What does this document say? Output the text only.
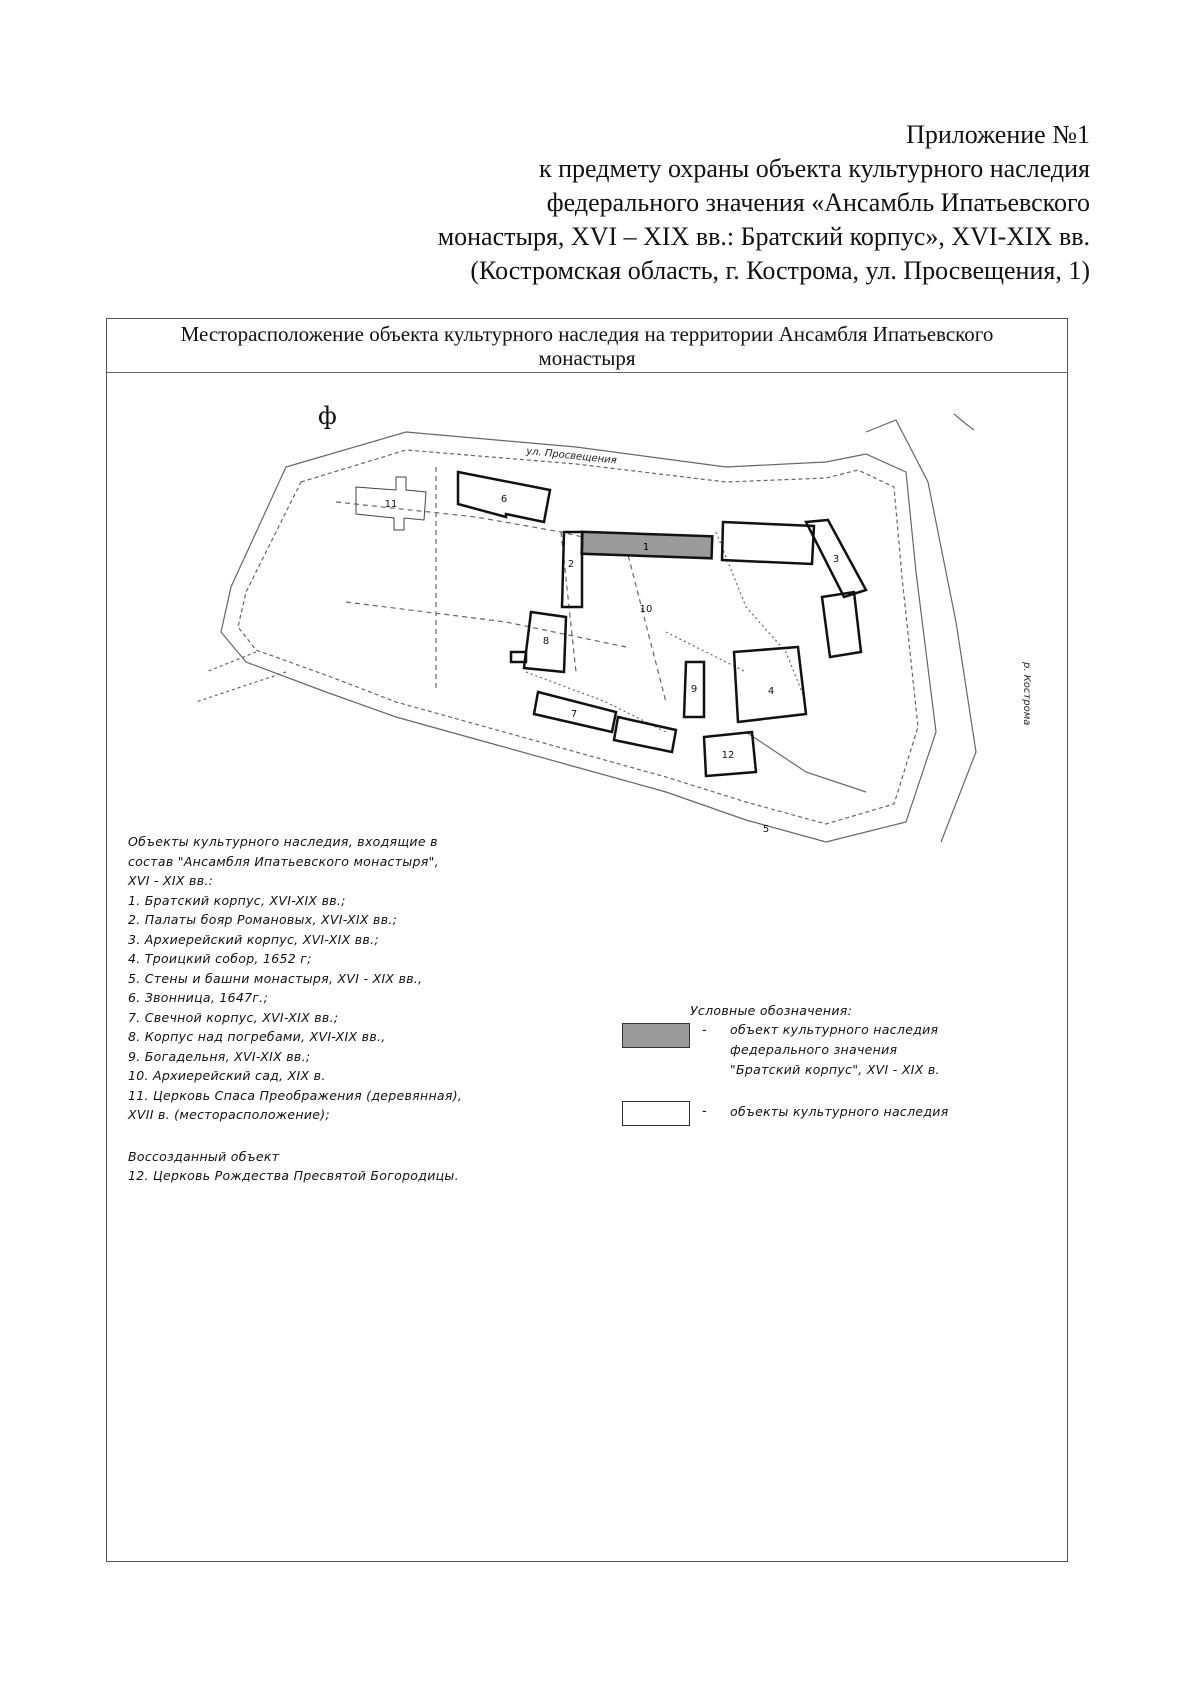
Приложение №1
к предмету охраны объекта культурного наследия
федерального значения «Ансамбль Ипатьевского
монастыря, XVI – XIX вв.: Братский корпус», XVI-XIX вв.
(Костромская область, г. Кострома, ул. Просвещения, 1)
Месторасположение объекта культурного наследия на территории Ансамбля Ипатьевского
монастыря
1
2	3
4
5
6
7
8
9
10
11
12
ул. Просвещения
р. Кострома
ф
Объекты культурного наследия, входящие в
состав "Ансамбля Ипатьевского монастыря",
XVI - XIX вв.:
1. Братский корпус, XVI-XIX вв.;
2. Палаты бояр Романовых, XVI-XIX вв.;
3. Архиерейский корпус, XVI-XIX вв.;
4. Троицкий собор, 1652 г;
5. Стены и башни монастыря, XVI - XIX вв.,
6. Звонница, 1647г.;
7. Свечной корпус, XVI-XIX вв.;
8. Корпус над погребами, XVI-XIX вв.,
9. Богадельня, XVI-XIX вв.;
10. Архиерейский сад, XIX в.
11. Церковь Спаса Преображения (деревянная),
XVII в. (месторасположение);
Воссозданный объект
12. Церковь Рождества Пресвятой Богородицы.
Условные обозначения:
- объект культурного наследия
федерального значения
"Братский корпус", XVI - XIX в.
- объекты культурного наследия
